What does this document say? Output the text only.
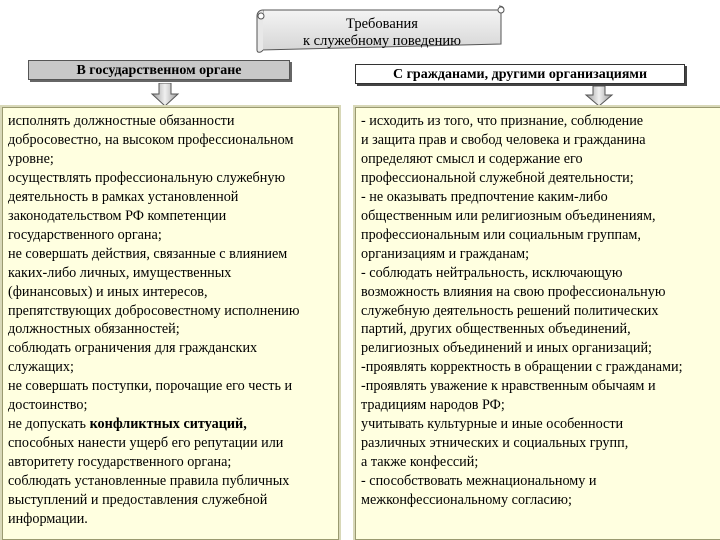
Требования
к служебному поведению
В государственном органе	С гражданами, другими организациями
исполнять должностные обязанности
добросовестно, на высоком профессиональном
уровне;
осуществлять профессиональную служебную
деятельность в рамках установленной
законодательством РФ компетенции
государственного органа;
не совершать действия, связанные с влиянием
каких-либо личных, имущественных
(финансовых) и иных интересов,
препятствующих добросовестному исполнению
должностных обязанностей;
соблюдать ограничения для гражданских
служащих;
не совершать поступки, порочащие его честь и
достоинство;
не допускать конфликтных ситуаций,
способных нанести ущерб его репутации или
авторитету государственного органа;
соблюдать установленные правила публичных
выступлений и предоставления служебной
информации.
- исходить из того, что признание, соблюдение
и защита прав и свобод человека и гражданина
определяют смысл и содержание его
профессиональной служебной деятельности;
- не оказывать предпочтение каким-либо
общественным или религиозным объединениям,
профессиональным или социальным группам,
организациям и гражданам;
- соблюдать нейтральность, исключающую
возможность влияния на свою профессиональную
служебную деятельность решений политических
партий, других общественных объединений,
религиозных объединений и иных организаций;
-проявлять корректность в обращении с гражданами;
-проявлять уважение к нравственным обычаям и
традициям народов РФ;
учитывать культурные и иные особенности
различных этнических и социальных групп,
а также конфессий;
- способствовать межнациональному и
межконфессиональному согласию;
